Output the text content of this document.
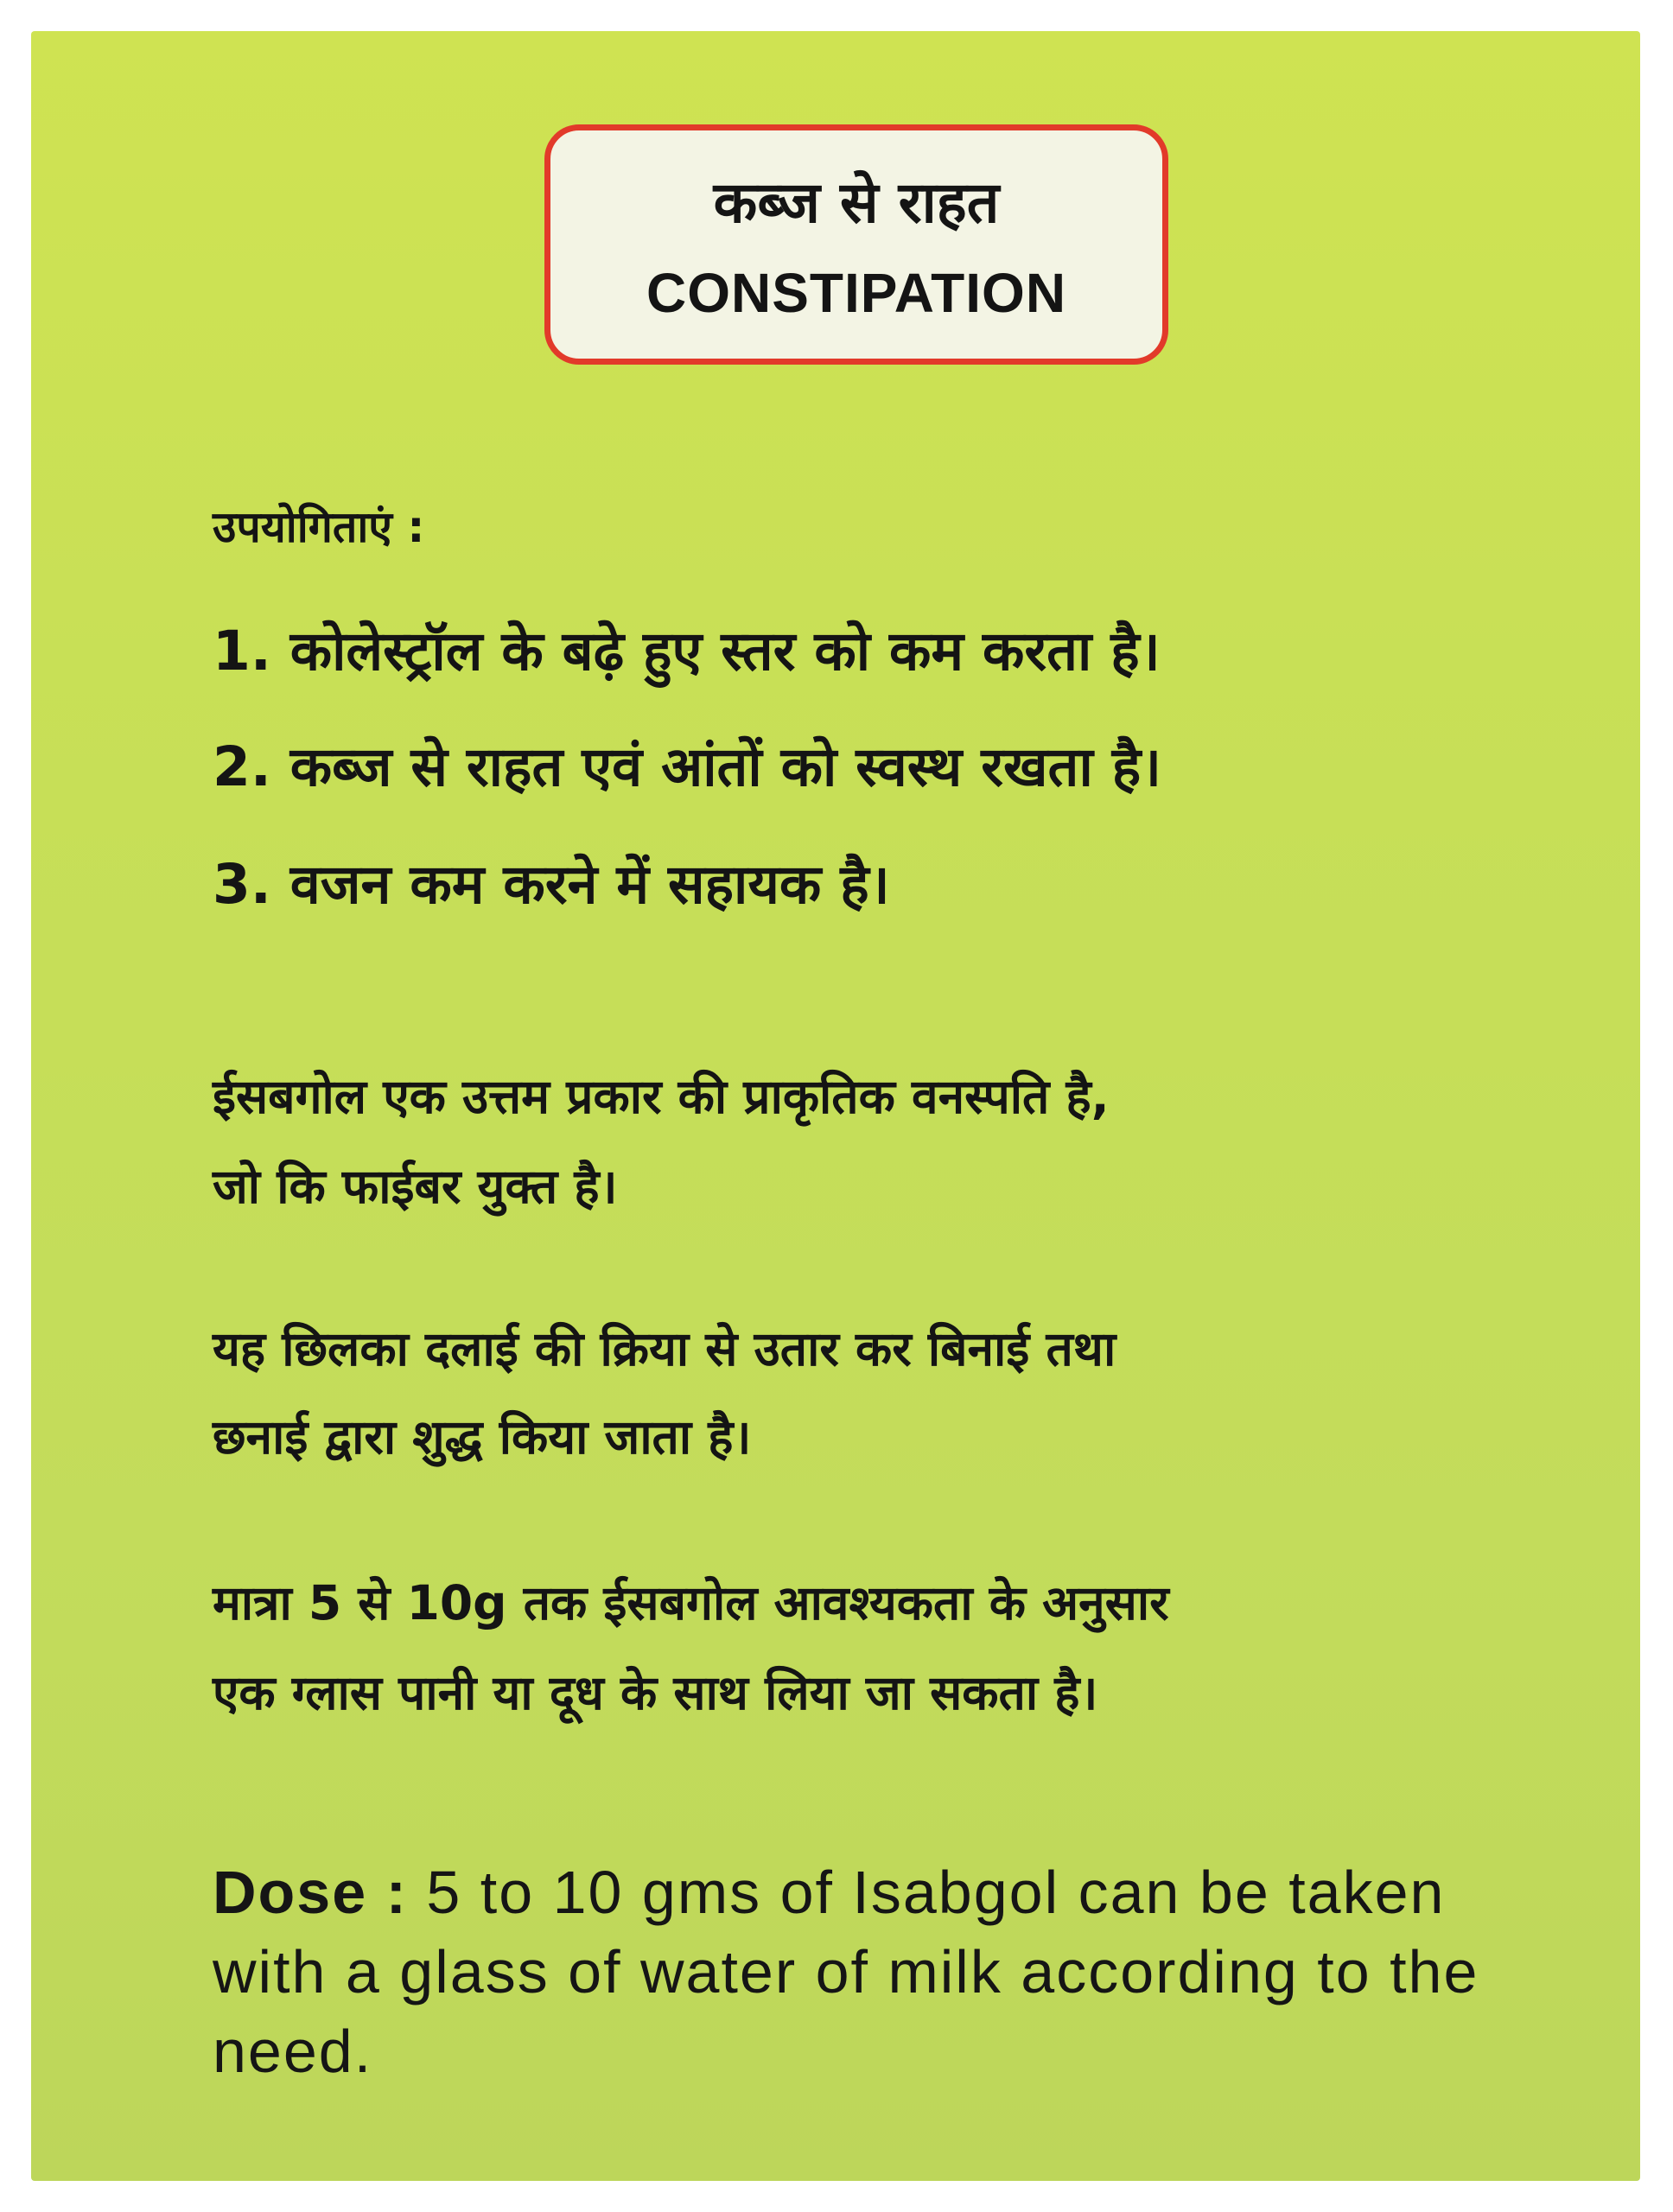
कब्ज से राहत
CONSTIPATION
उपयोगिताएं :
1. कोलेस्ट्रॉल के बढ़े हुए स्तर को कम करता है।
2. कब्ज से राहत एवं आंतों को स्वस्थ रखता है।
3. वजन कम करने में सहायक है।
ईसबगोल एक उत्तम प्रकार की प्राकृतिक वनस्पति है,
जो कि फाईबर युक्त है।
यह छिलका दलाई की क्रिया से उतार कर बिनाई तथा
छनाई द्वारा शुद्ध किया जाता है।
मात्रा 5 से 10g तक ईसबगोल आवश्यकता के अनुसार
एक ग्लास पानी या दूध के साथ लिया जा सकता है।
Dose : 5 to 10 gms of Isabgol can be taken with a glass of water of milk according to the need.
